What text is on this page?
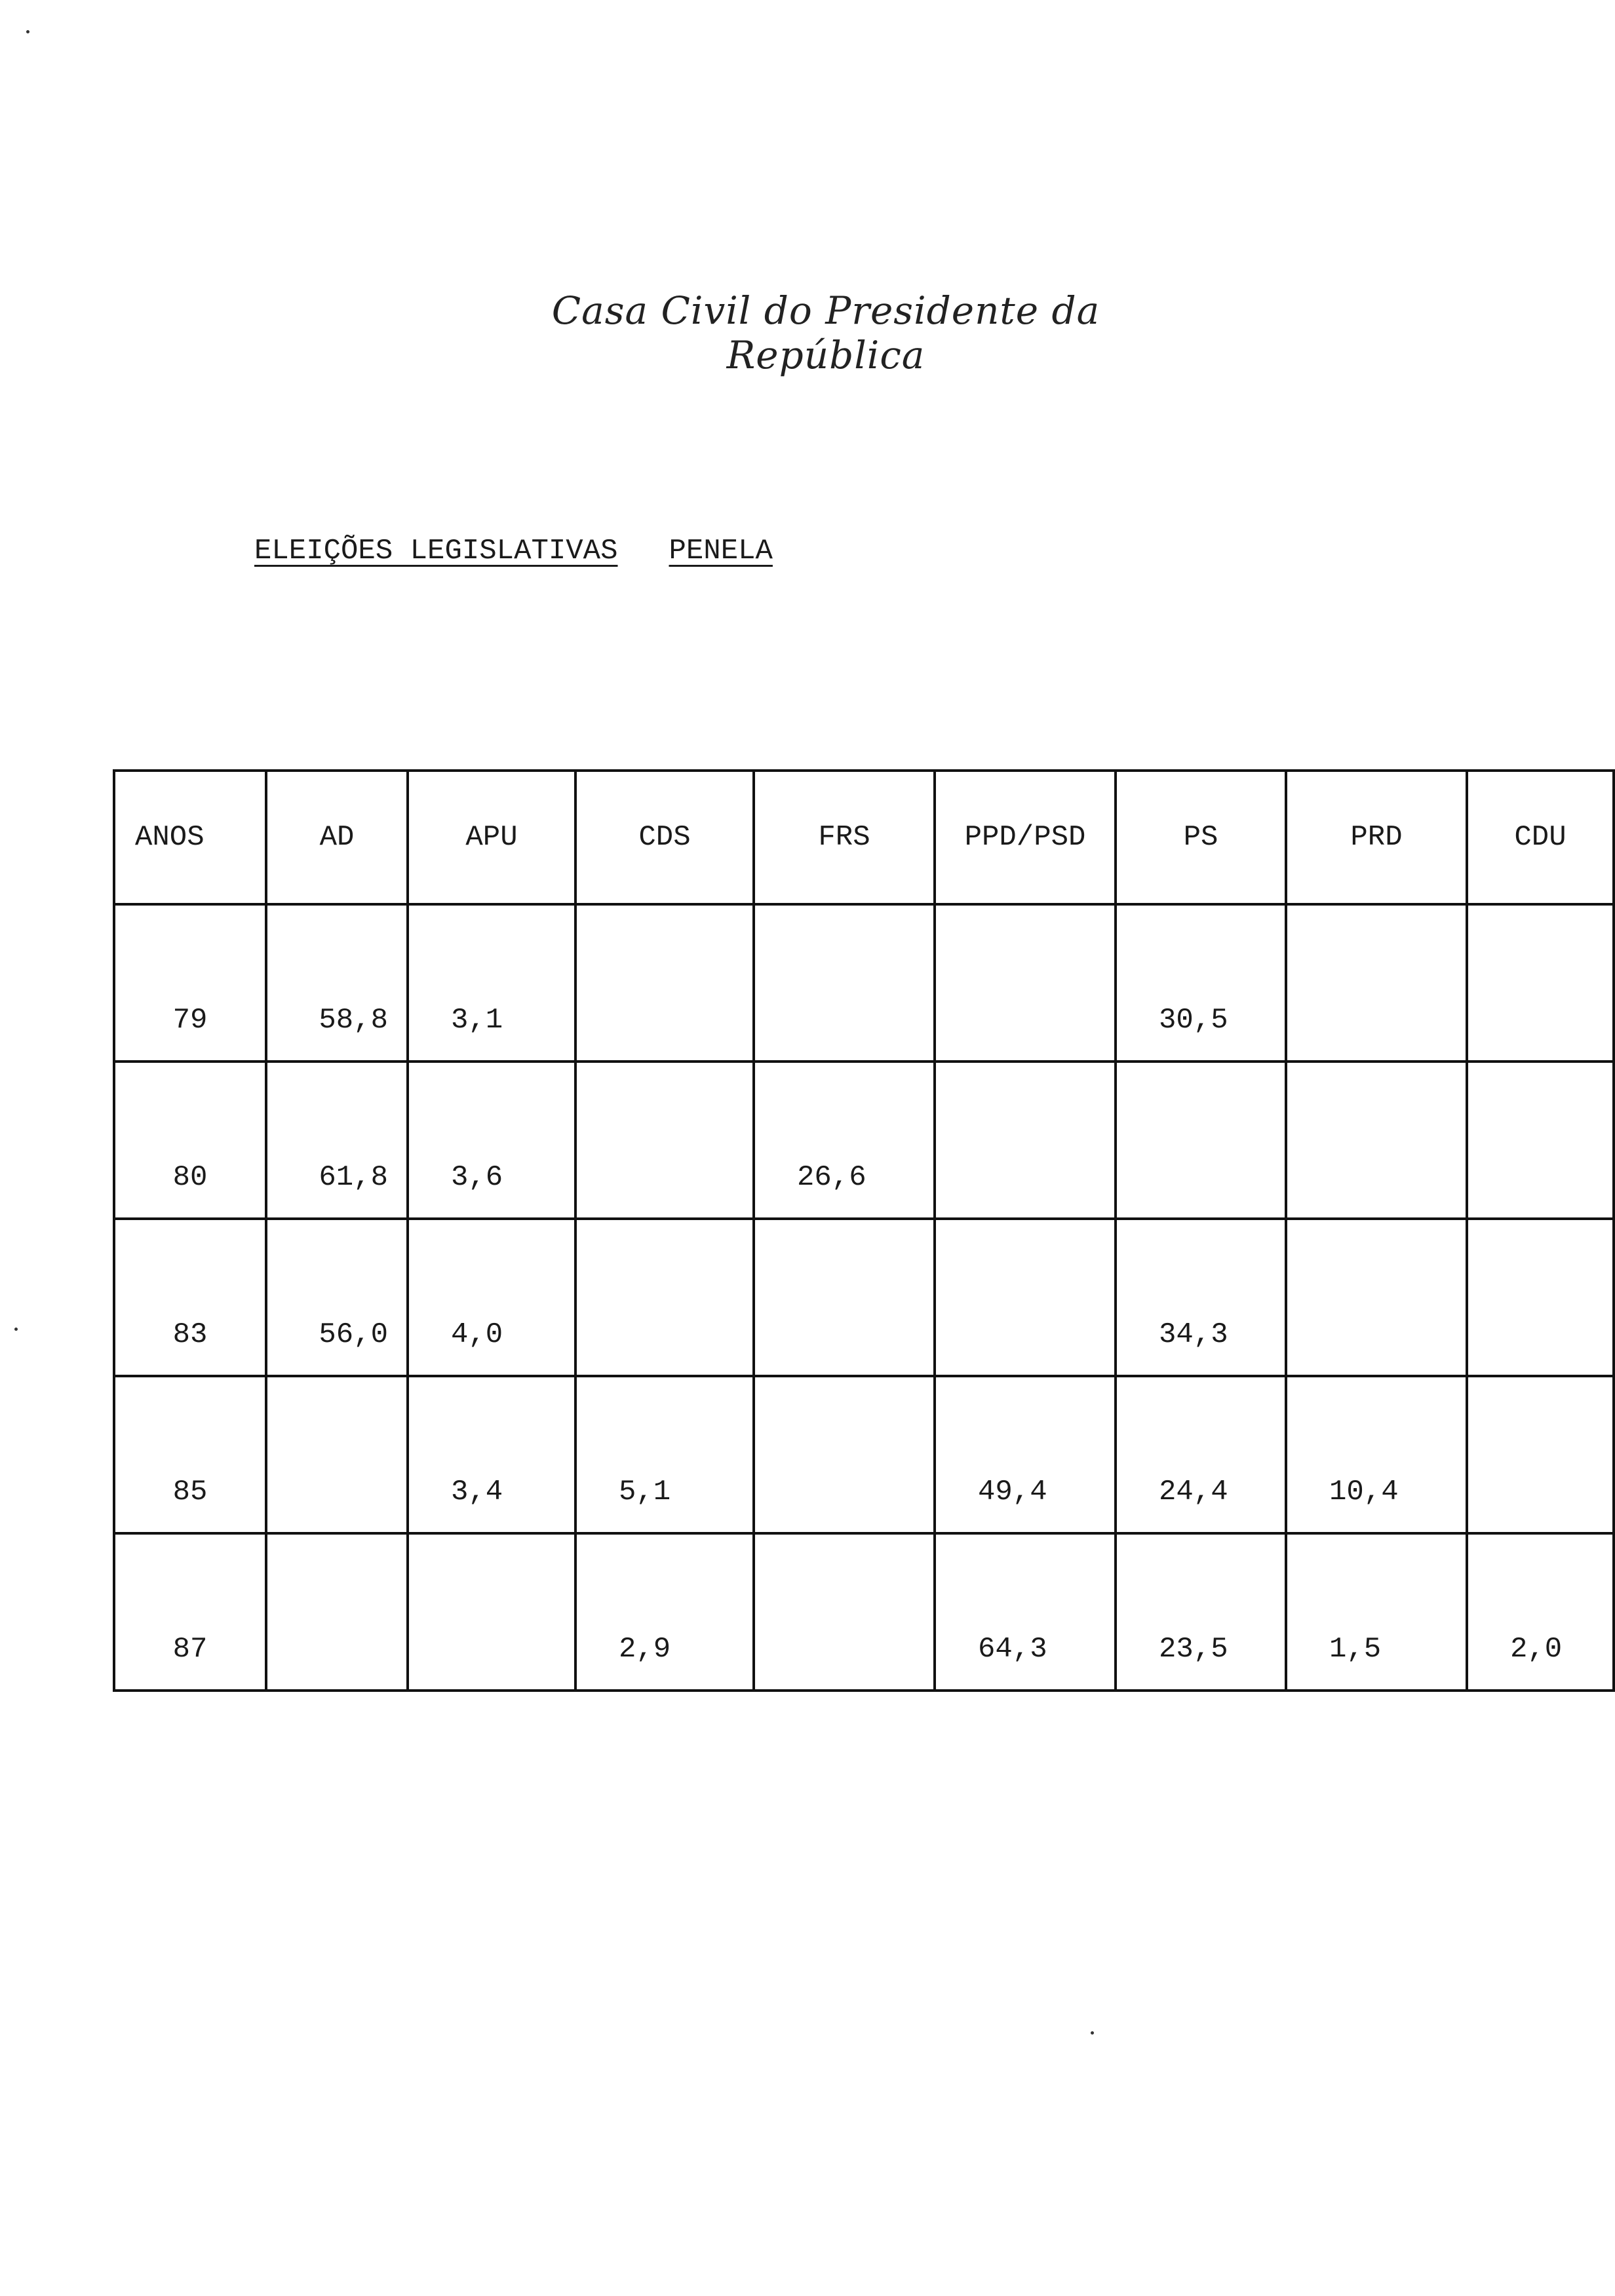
Casa Civil do Presidente da República
ELEIÇÕES LEGISLATIVAS PENELA
ANOS	AD	APU	CDS	FRS	PPD/PSD	PS	PRD	CDU
79	58,8	3,1				30,5		
80	61,8	3,6		26,6				
83	56,0	4,0				34,3		
85		3,4	5,1		49,4	24,4	10,4	
87			2,9		64,3	23,5	1,5	2,0
